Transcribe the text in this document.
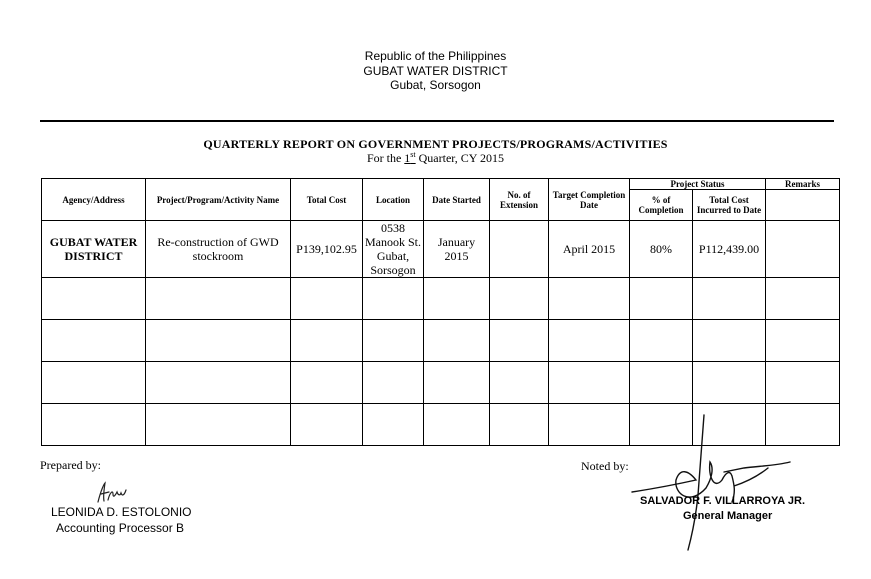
Republic of the Philippines
GUBAT WATER DISTRICT
Gubat, Sorsogon
QUARTERLY REPORT ON GOVERNMENT PROJECTS/PROGRAMS/ACTIVITIES
For the 1st Quarter, CY 2015
Agency/Address	Project/Program/Activity Name	Total Cost	Location	Date Started	No. of Extension	Target Completion Date	Project Status		Remarks
							% of Completion	Total Cost Incurred to Date	
GUBAT WATER DISTRICT	Re-construction of GWD stockroom	P139,102.95	0538 Manook St. Gubat, Sorsogon	January 2015		April 2015	80%	P112,439.00	

Prepared by:
LEONIDA D. ESTOLONIO
Accounting Processor B
Noted by:
SALVADOR F. VILLARROYA JR.
General Manager
